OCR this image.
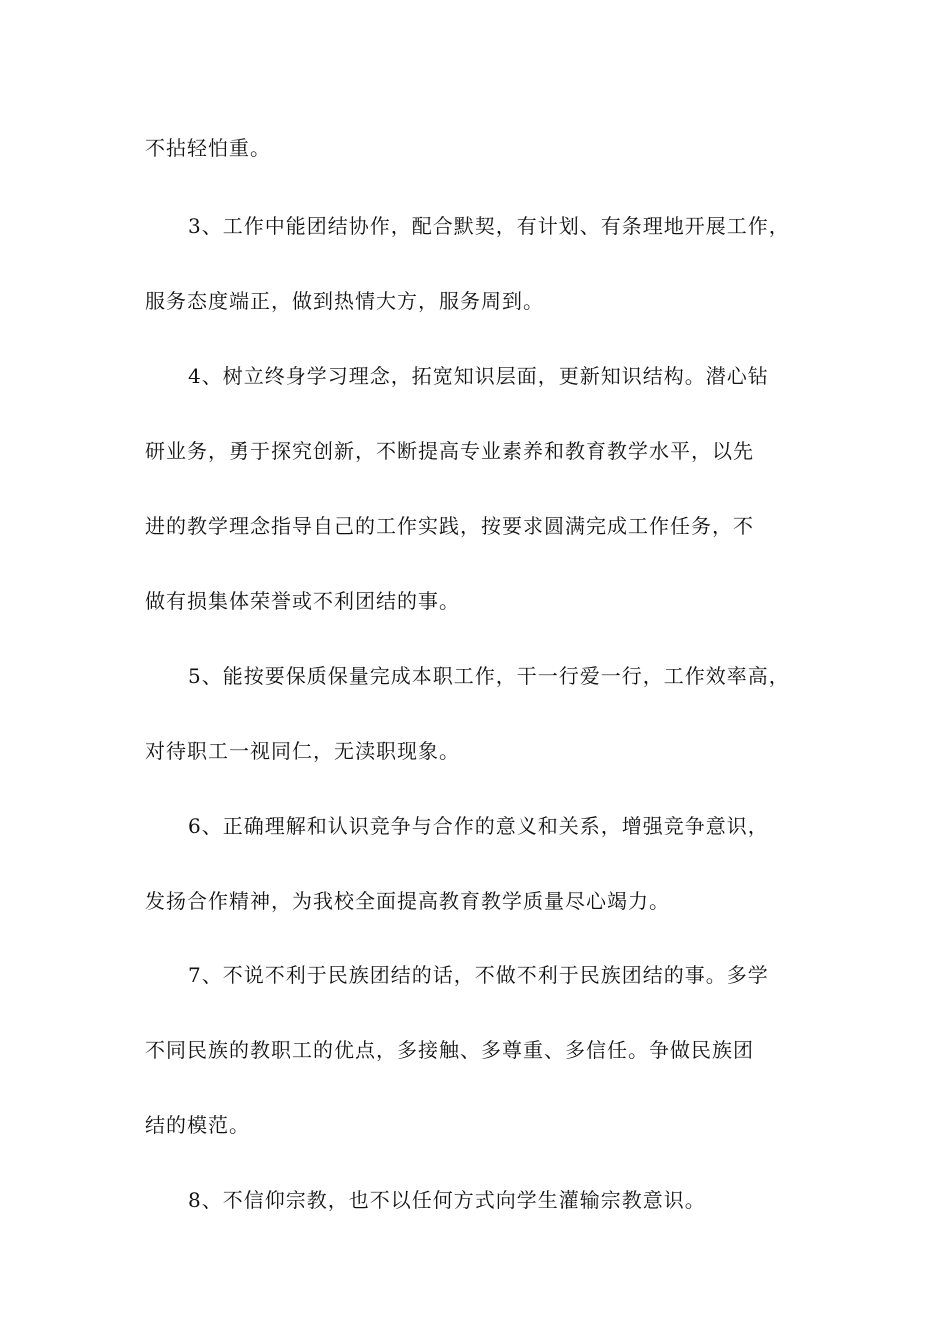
不拈轻怕重。
3、工作中能团结协作，配合默契，有计划、有条理地开展工作，
服务态度端正，做到热情大方，服务周到。
4、树立终身学习理念，拓宽知识层面，更新知识结构。潜心钻
研业务，勇于探究创新，不断提高专业素养和教育教学水平，以先
进的教学理念指导自己的工作实践，按要求圆满完成工作任务，不
做有损集体荣誉或不利团结的事。
5、能按要保质保量完成本职工作，干一行爱一行，工作效率高，
对待职工一视同仁，无渎职现象。
6、正确理解和认识竞争与合作的意义和关系，增强竞争意识，
发扬合作精神，为我校全面提高教育教学质量尽心竭力。
7、不说不利于民族团结的话，不做不利于民族团结的事。多学
不同民族的教职工的优点，多接触、多尊重、多信任。争做民族团
结的模范。
8、不信仰宗教，也不以任何方式向学生灌输宗教意识。
